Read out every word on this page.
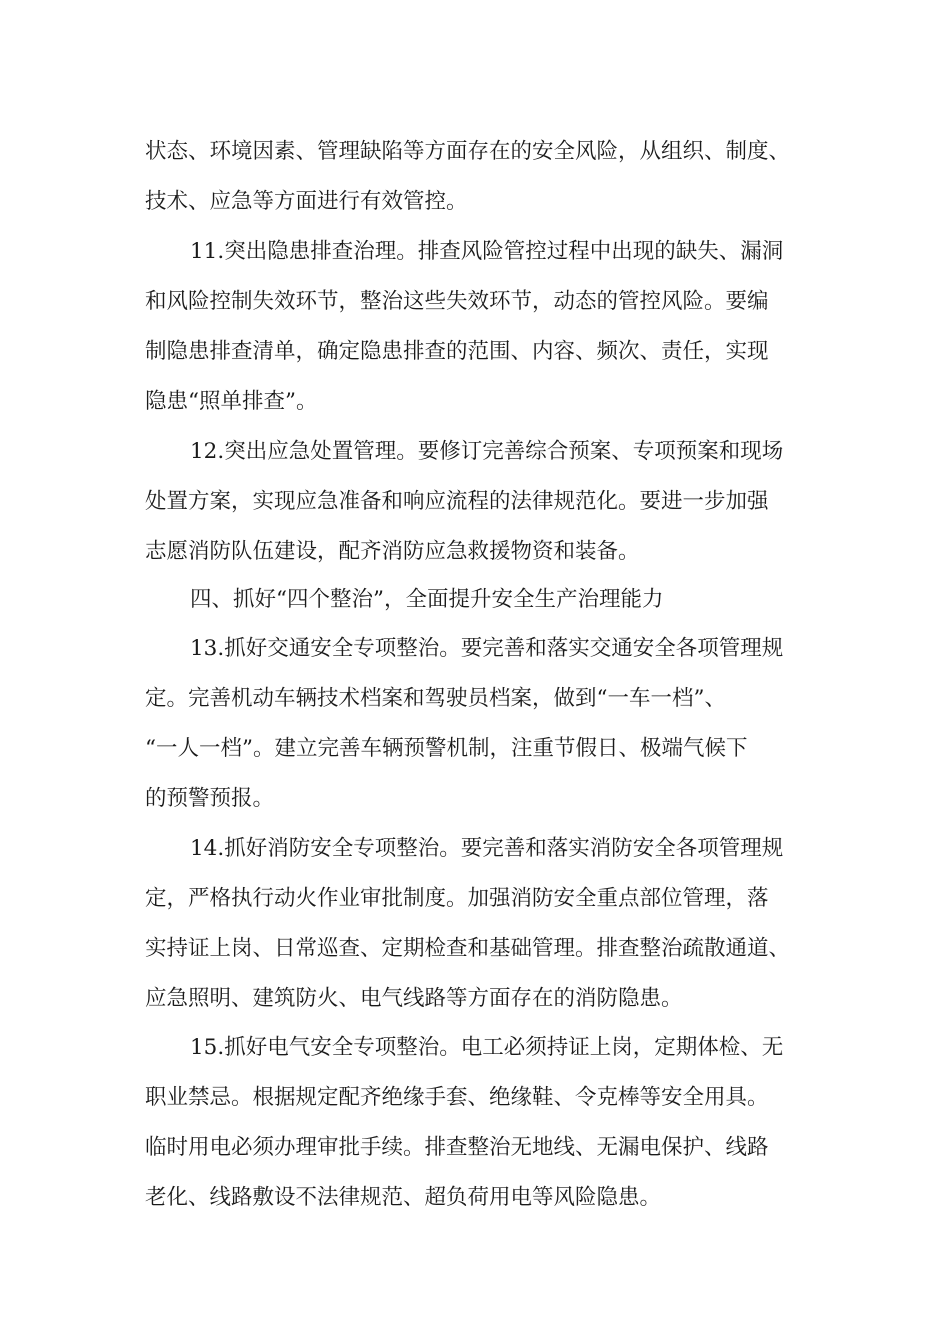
状态、环境因素、管理缺陷等方面存在的安全风险，从组织、制度、
技术、应急等方面进行有效管控。
11.突出隐患排查治理。排查风险管控过程中出现的缺失、漏洞
和风险控制失效环节，整治这些失效环节，动态的管控风险。要编
制隐患排查清单，确定隐患排查的范围、内容、频次、责任，实现
隐患“照单排查”。
12.突出应急处置管理。要修订完善综合预案、专项预案和现场
处置方案，实现应急准备和响应流程的法律规范化。要进一步加强
志愿消防队伍建设，配齐消防应急救援物资和装备。
四、抓好“四个整治”，全面提升安全生产治理能力
13.抓好交通安全专项整治。要完善和落实交通安全各项管理规
定。完善机动车辆技术档案和驾驶员档案，做到“一车一档”、
“一人一档”。建立完善车辆预警机制，注重节假日、极端气候下
的预警预报。
14.抓好消防安全专项整治。要完善和落实消防安全各项管理规
定，严格执行动火作业审批制度。加强消防安全重点部位管理，落
实持证上岗、日常巡查、定期检查和基础管理。排查整治疏散通道、
应急照明、建筑防火、电气线路等方面存在的消防隐患。
15.抓好电气安全专项整治。电工必须持证上岗，定期体检、无
职业禁忌。根据规定配齐绝缘手套、绝缘鞋、令克棒等安全用具。
临时用电必须办理审批手续。排查整治无地线、无漏电保护、线路
老化、线路敷设不法律规范、超负荷用电等风险隐患。
